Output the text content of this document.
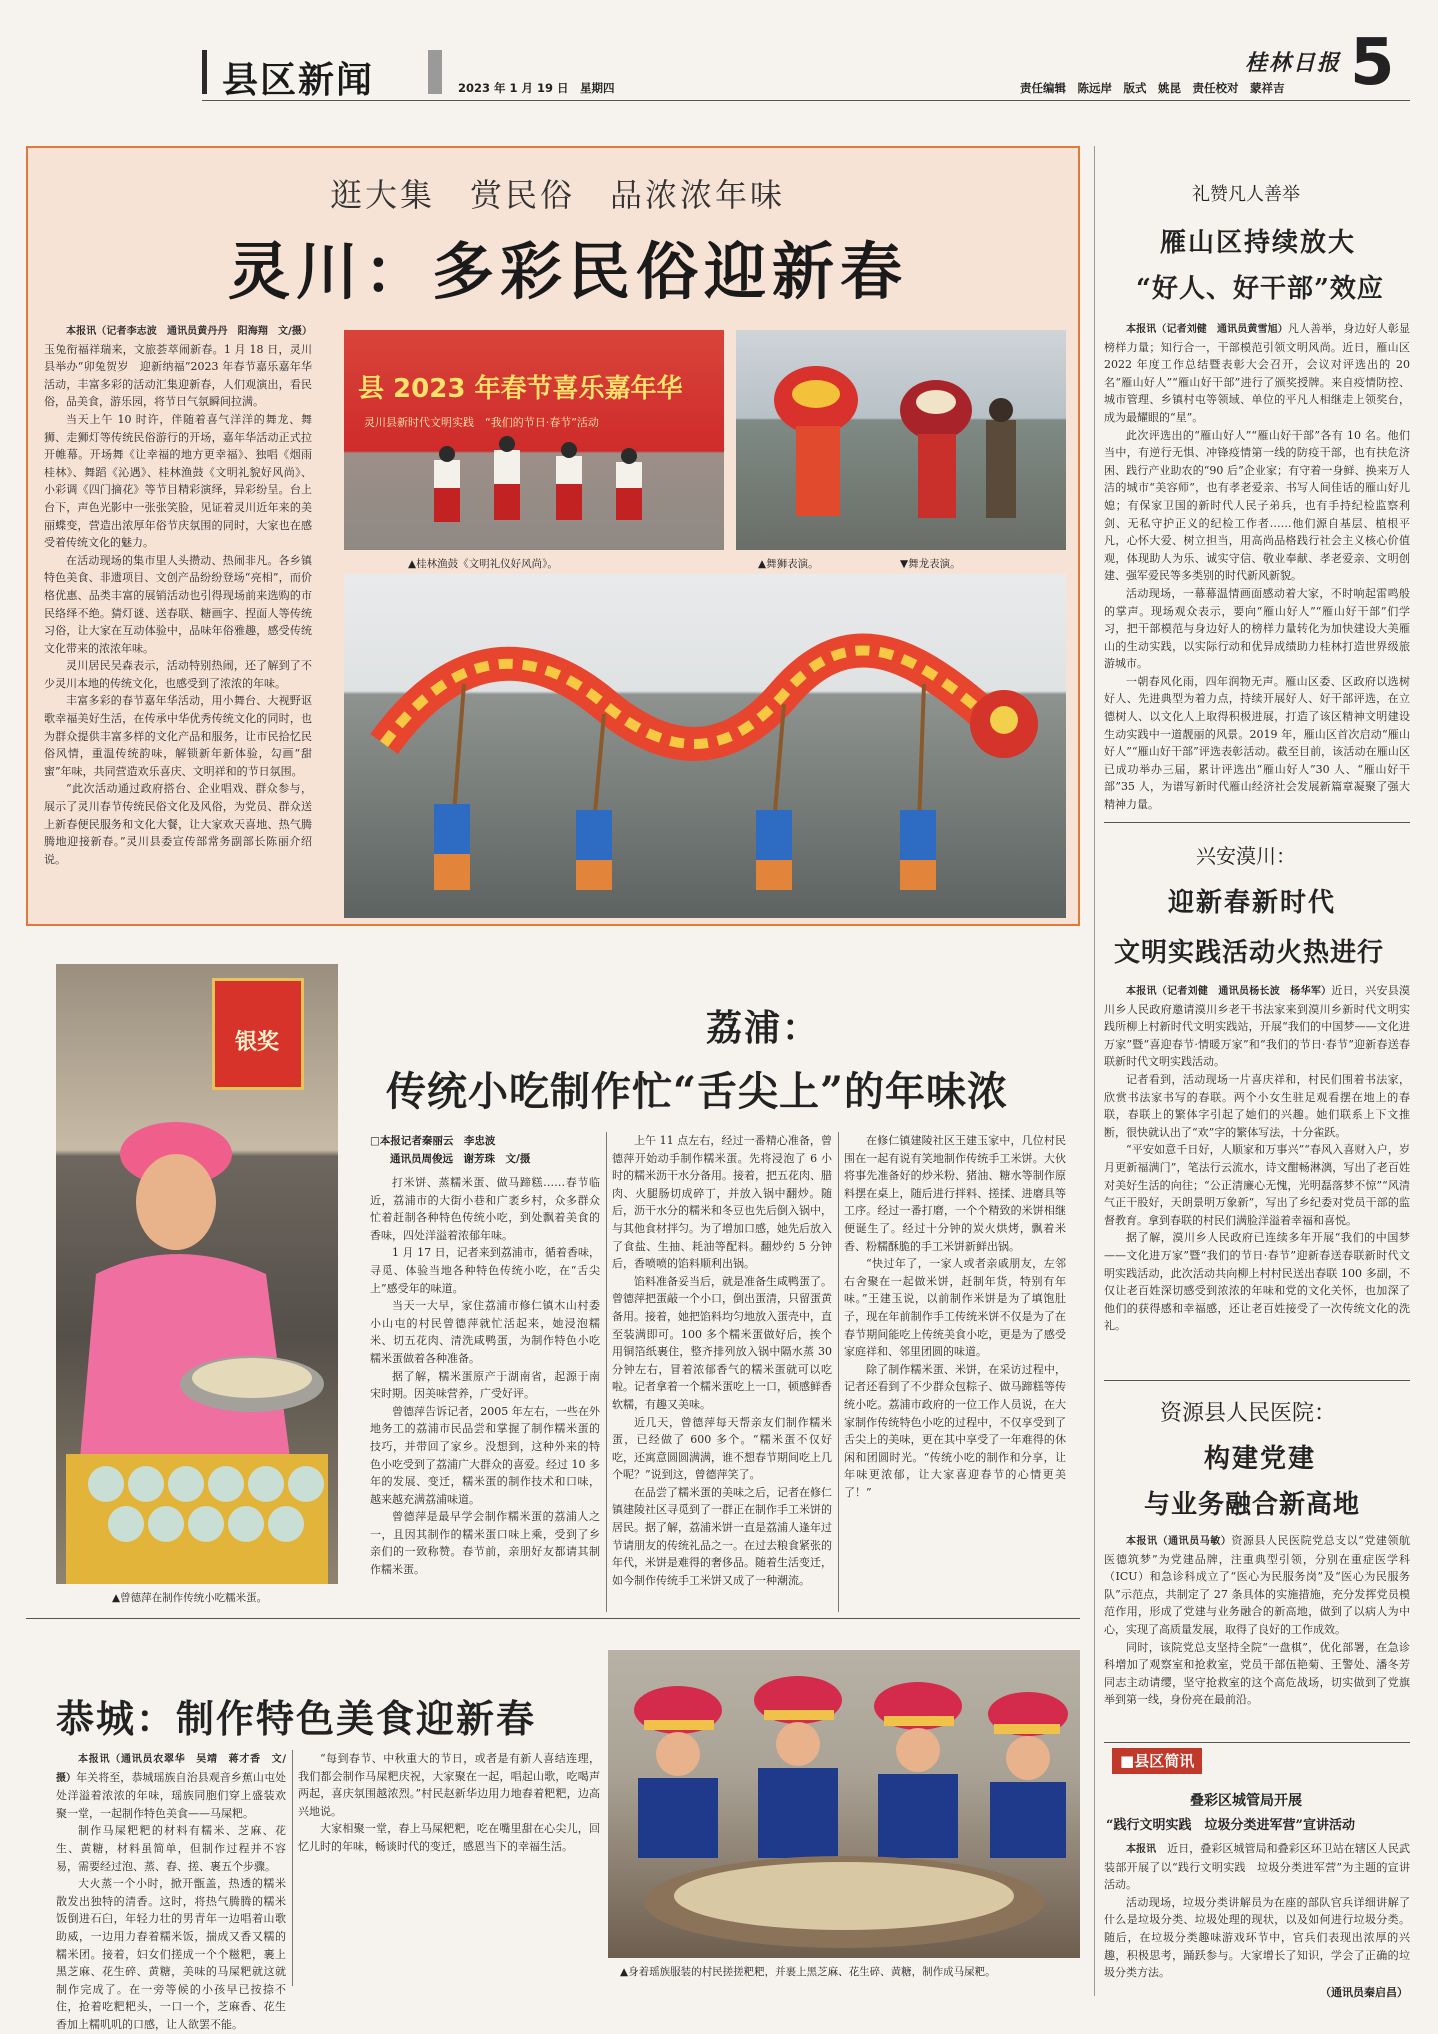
县区新闻	2023 年 1 月 19 日　星期四
桂林日报 5
责任编辑　陈远岸　版式　姚昆　责任校对　蒙祥吉
逛大集　赏民俗　品浓浓年味
灵川：多彩民俗迎新春

本报讯（记者李志波　通讯员黄丹丹　阳海翔　文/摄）玉兔衔福祥瑞来，文旅荟萃闹新春。1 月 18 日，灵川县举办“卯兔贺岁　迎新纳福”2023 年春节嘉乐嘉年华活动，丰富多彩的活动汇集迎新春，人们观演出，看民俗，品美食，游乐园，将节日气氛瞬间拉满。

当天上午 10 时许，伴随着喜气洋洋的舞龙、舞狮、走狮灯等传统民俗游行的开场，嘉年华活动正式拉开帷幕。开场舞《让幸福的地方更幸福》、独唱《烟雨桂林》、舞蹈《沁遇》、桂林渔鼓《文明礼貌好风尚》、小彩调《四门摘花》等节目精彩演绎，异彩纷呈。台上台下，声色光影中一张张笑脸，见证着灵川近年来的美丽蝶变，营造出浓厚年俗节庆氛围的同时，大家也在感受着传统文化的魅力。

在活动现场的集市里人头攒动、热闹非凡。各乡镇特色美食、非遗项目、文创产品纷纷登场“亮相”，而价格优惠、品类丰富的展销活动也引得现场前来选购的市民络绎不绝。猜灯谜、送春联、糖画字、捏面人等传统习俗，让大家在互动体验中，品味年俗雅趣，感受传统文化带来的浓浓年味。

灵川居民吴森表示，活动特别热闹，还了解到了不少灵川本地的传统文化，也感受到了浓浓的年味。

丰富多彩的春节嘉年华活动，用小舞台、大视野讴歌幸福美好生活，在传承中华优秀传统文化的同时，也为群众提供丰富多样的文化产品和服务，让市民拾忆民俗风情，重温传统韵味，解锁新年新体验，勾画“甜蜜”年味，共同营造欢乐喜庆、文明祥和的节日氛围。

“此次活动通过政府搭台、企业唱戏、群众参与，展示了灵川春节传统民俗文化及风俗，为党员、群众送上新春便民服务和文化大餐，让大家欢天喜地、热气腾腾地迎接新春。”灵川县委宣传部常务副部长陈丽介绍说。

县 2023 年春节喜乐嘉年华
灵川县新时代文明实践　“我们的节日·春节”活动
▲桂林渔鼓《文明礼仪好风尚》。	▲舞狮表演。	▼舞龙表演。
银奖
▲曾德萍在制作传统小吃糯米蛋。
荔浦：
传统小吃制作忙“舌尖上”的年味浓
□本报记者秦丽云　李忠波
通讯员周俊远　谢芳珠　文/摄

打米饼、蒸糯米蛋、做马蹄糕……春节临近，荔浦市的大街小巷和广袤乡村，众多群众忙着赶制各种特色传统小吃，到处飘着美食的香味，四处洋溢着浓郁年味。

1 月 17 日，记者来到荔浦市，循着香味，寻觅、体验当地各种特色传统小吃，在“舌尖上”感受年的味道。

当天一大早，家住荔浦市修仁镇木山村委小山屯的村民曾德萍就忙活起来，她浸泡糯米、切五花肉、清洗咸鸭蛋，为制作特色小吃糯米蛋做着各种准备。

据了解，糯米蛋原产于湖南省，起源于南宋时期。因美味营养，广受好评。

曾德萍告诉记者，2005 年左右，一些在外地务工的荔浦市民品尝和掌握了制作糯米蛋的技巧，并带回了家乡。没想到，这种外来的特色小吃受到了荔浦广大群众的喜爱。经过 10 多年的发展、变迁，糯米蛋的制作技术和口味，越来越充满荔浦味道。

曾德萍是最早学会制作糯米蛋的荔浦人之一，且因其制作的糯米蛋口味上乘，受到了乡亲们的一致称赞。春节前，亲朋好友都请其制作糯米蛋。

上午 11 点左右，经过一番精心准备，曾德萍开始动手制作糯米蛋。先将浸泡了 6 小时的糯米沥干水分备用。接着，把五花肉、腊肉、火腿肠切成碎丁，并放入锅中翻炒。随后，沥干水分的糯米和冬豆也先后倒入锅中，与其他食材拌匀。为了增加口感，她先后放入了食盐、生抽、耗油等配料。翻炒约 5 分钟后，香喷喷的馅料顺利出锅。

馅料准备妥当后，就是准备生咸鸭蛋了。曾德萍把蛋敲一个小口，倒出蛋清，只留蛋黄备用。接着，她把馅料均匀地放入蛋壳中，直至装满即可。100 多个糯米蛋做好后，挨个用铜箔纸裹住，整齐排列放入锅中隔水蒸 30 分钟左右，冒着浓郁香气的糯米蛋就可以吃啦。记者拿着一个糯米蛋吃上一口，顿感鲜香软糯，有趣又美味。

近几天，曾德萍每天帮亲友们制作糯米蛋，已经做了 600 多个。“糯米蛋不仅好吃，还寓意圆圆满满，谁不想春节期间吃上几个呢？”说到这，曾德萍笑了。

在品尝了糯米蛋的美味之后，记者在修仁镇建陵社区寻觅到了一群正在制作手工米饼的居民。据了解，荔浦米饼一直是荔浦人逢年过节请朋友的传统礼品之一。在过去粮食紧张的年代，米饼是难得的奢侈品。随着生活变迁，如今制作传统手工米饼又成了一种潮流。

在修仁镇建陵社区王建玉家中，几位村民围在一起有说有笑地制作传统手工米饼。大伙将事先准备好的炒米粉、猪油、糖水等制作原料摆在桌上，随后进行拌料、搓揉、进磨具等工序。经过一番打磨，一个个精致的米饼相继便诞生了。经过十分钟的炭火烘烤，飘着米香、粉糯酥脆的手工米饼新鲜出锅。

“快过年了，一家人或者亲戚朋友，左邻右舍聚在一起做米饼，赶制年货，特别有年味。”王建玉说，以前制作米饼是为了填饱肚子，现在年前制作手工传统米饼不仅是为了在春节期间能吃上传统美食小吃，更是为了感受家庭祥和、邻里团圆的味道。

除了制作糯米蛋、米饼，在采访过程中，记者还看到了不少群众包粽子、做马蹄糕等传统小吃。荔浦市政府的一位工作人员说，在大家制作传统特色小吃的过程中，不仅享受到了舌尖上的美味，更在其中享受了一年难得的休闲和团圆时光。“传统小吃的制作和分享，让年味更浓郁，让大家喜迎春节的心情更美了！”

恭城：制作特色美食迎新春

本报讯（通讯员农翠华　吴靖　蒋才香　文/摄）年关将至，恭城瑶族自治县观音乡蕉山屯处处洋溢着浓浓的年味，瑶族同胞们穿上盛装欢聚一堂，一起制作特色美食——马屎粑。

制作马屎粑粑的材料有糯米、芝麻、花生、黄糖，材料虽简单，但制作过程并不容易，需要经过泡、蒸、舂、搓、裹五个步骤。

大火蒸一个小时，掀开甑盖，热透的糯米散发出独特的清香。这时，将热气腾腾的糯米饭倒进石臼，年轻力壮的男青年一边唱着山歌助威，一边用力舂着糯米饭，揣成又香又糯的糯米团。接着，妇女们搓成一个个糍粑，裹上黑芝麻、花生碎、黄糖，美味的马屎粑就这就制作完成了。在一旁等候的小孩早已按捺不住，抢着吃粑粑头，一口一个，芝麻香、花生香加上糯叽叽的口感，让人欲罢不能。

“每到春节、中秋重大的节日，或者是有新人喜结连理，我们都会制作马屎粑庆祝，大家聚在一起，唱起山歌，吃喝声两起，喜庆氛围越浓烈。”村民赵新华边用力地舂着粑粑，边高兴地说。

大家相聚一堂，舂上马屎粑粑，吃在嘴里甜在心尖儿，回忆儿时的年味，畅谈时代的变迁，感恩当下的幸福生活。

▲身着瑶族服装的村民搓搓粑粑，并裹上黑芝麻、花生碎、黄糖，制作成马屎粑。
礼赞凡人善举
雁山区持续放大
“好人、好干部”效应

本报讯（记者刘健　通讯员黄雪旭）凡人善举，身边好人彰显榜样力量；知行合一，干部模范引领文明风尚。近日，雁山区 2022 年度工作总结暨表彰大会召开，会议对评选出的 20 名“雁山好人”“雁山好干部”进行了颁奖授牌。来自疫情防控、城市管理、乡镇村屯等领域、单位的平凡人相继走上领奖台，成为最耀眼的“星”。

此次评选出的“雁山好人”“雁山好干部”各有 10 名。他们当中，有逆行无惧、冲锋疫情第一线的防疫干部，也有扶危济困、践行产业助农的“90 后”企业家；有守着一身鲜、换来万人洁的城市“美容师”，也有孝老爱亲、书写人间佳话的雁山好儿媳；有保家卫国的新时代人民子弟兵，也有手持纪检监察利剑、无私守护正义的纪检工作者……他们源自基层、植根平凡，心怀大爱、树立担当，用高尚品格践行社会主义核心价值观，体现助人为乐、诚实守信、敬业奉献、孝老爱亲、文明创建、强军爱民等多类别的时代新风新貌。

活动现场，一幕幕温情画面感动着大家，不时响起雷鸣般的掌声。现场观众表示，要向“雁山好人”“雁山好干部”们学习，把干部模范与身边好人的榜样力量转化为加快建设大美雁山的生动实践，以实际行动和优异成绩助力桂林打造世界级旅游城市。

一朝春风化雨，四年润物无声。雁山区委、区政府以选树好人、先进典型为着力点，持续开展好人、好干部评选，在立德树人、以文化人上取得积极进展，打造了该区精神文明建设生动实践中一道靓丽的风景。2019 年，雁山区首次启动“雁山好人”“雁山好干部”评选表彰活动。截至目前，该活动在雁山区已成功举办三届，累计评选出“雁山好人”30 人、“雁山好干部”35 人，为谱写新时代雁山经济社会发展新篇章凝聚了强大精神力量。

兴安漠川：
迎新春新时代
文明实践活动火热进行

本报讯（记者刘健　通讯员杨长波　杨华军）近日，兴安县漠川乡人民政府邀请漠川乡老干书法家来到漠川乡新时代文明实践所柳上村新时代文明实践站，开展“我们的中国梦——文化进万家”暨“喜迎春节·情暖万家”和“我们的节日·春节”迎新春送春联新时代文明实践活动。

记者看到，活动现场一片喜庆祥和，村民们围着书法家，欣赏书法家书写的春联。两个小女生驻足观看摆在地上的春联，春联上的繁体字引起了她们的兴趣。她们联系上下文推断，很快就认出了“欢”字的繁体写法，十分雀跃。

“平安如意千日好，人顺家和万事兴”“春风入喜财入户，岁月更新福满门”，笔法行云流水，诗文酣畅淋漓，写出了老百姓对美好生活的向往；“公正清廉心无愧，光明磊落梦不惊”“风清气正干股好，天朗景明万象新”，写出了乡纪委对党员干部的监督教育。拿到春联的村民们满脸洋溢着幸福和喜悦。

据了解，漠川乡人民政府已连续多年开展“我们的中国梦——文化进万家”暨“我们的节日·春节”迎新春送春联新时代文明实践活动，此次活动共向柳上村村民送出春联 100 多副，不仅让老百姓深切感受到浓浓的年味和党的文化关怀，也加深了他们的获得感和幸福感，还让老百姓接受了一次传统文化的洗礼。

资源县人民医院：
构建党建
与业务融合新高地

本报讯（通讯员马敏）资源县人民医院党总支以“党建领航　医德筑梦”为党建品牌，注重典型引领，分别在重症医学科（ICU）和急诊科成立了“医心为民服务岗”及“医心为民服务队”示范点，共制定了 27 条具体的实施措施，充分发挥党员模范作用，形成了党建与业务融合的新高地，做到了以病人为中心，实现了高质量发展，取得了良好的工作成效。

同时，该院党总支坚持全院“一盘棋”，优化部署，在急诊科增加了观察室和抢救室，党员干部伍艳菊、王警处、潘冬芳同志主动请缨，坚守抢救室的这个高危战场，切实做到了党旗举到第一线，身份亮在最前沿。

■县区简讯
叠彩区城管局开展
“践行文明实践　垃圾分类进军营”宣讲活动

本报讯　 近日，叠彩区城管局和叠彩区环卫站在辖区人民武装部开展了以“践行文明实践　垃圾分类进军营”为主题的宣讲活动。

活动现场，垃圾分类讲解员为在座的部队官兵详细讲解了什么是垃圾分类、垃圾处理的现状，以及如何进行垃圾分类。随后，在垃圾分类趣味游戏环节中，官兵们表现出浓厚的兴趣，积极思考，踊跃参与。大家增长了知识，学会了正确的垃圾分类方法。

（通讯员秦启昌）
